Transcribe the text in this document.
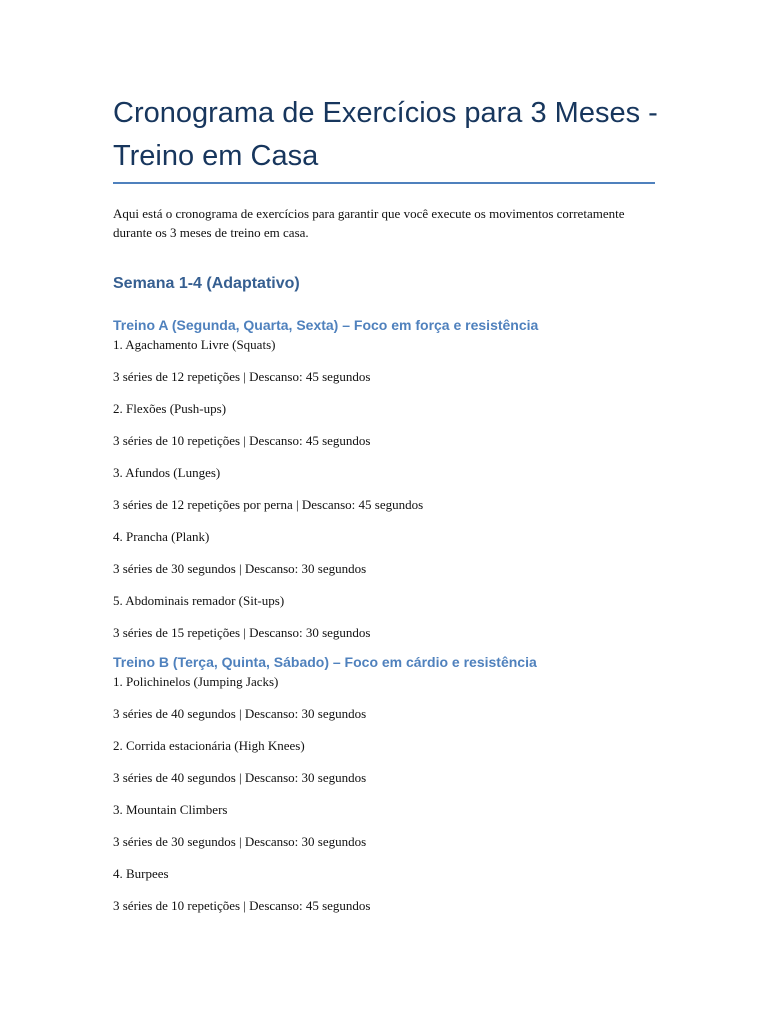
Cronograma de Exercícios para 3 Meses - Treino em Casa

Aqui está o cronograma de exercícios para garantir que você execute os movimentos corretamente durante os 3 meses de treino em casa.

Semana 1-4 (Adaptativo)
Treino A (Segunda, Quarta, Sexta) – Foco em força e resistência

1. Agachamento Livre (Squats)

3 séries de 12 repetições | Descanso: 45 segundos

2. Flexões (Push-ups)

3 séries de 10 repetições | Descanso: 45 segundos

3. Afundos (Lunges)

3 séries de 12 repetições por perna | Descanso: 45 segundos

4. Prancha (Plank)

3 séries de 30 segundos | Descanso: 30 segundos

5. Abdominais remador (Sit-ups)

3 séries de 15 repetições | Descanso: 30 segundos

Treino B (Terça, Quinta, Sábado) – Foco em cárdio e resistência

1. Polichinelos (Jumping Jacks)

3 séries de 40 segundos | Descanso: 30 segundos

2. Corrida estacionária (High Knees)

3 séries de 40 segundos | Descanso: 30 segundos

3. Mountain Climbers

3 séries de 30 segundos | Descanso: 30 segundos

4. Burpees

3 séries de 10 repetições | Descanso: 45 segundos
